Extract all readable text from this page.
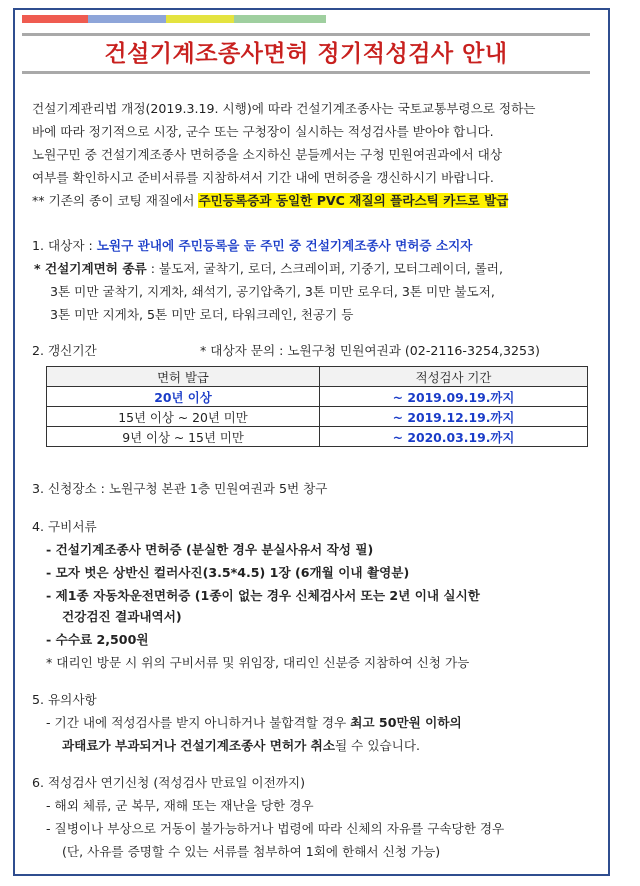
건설기계조종사면허 정기적성검사 안내
건설기계관리법 개정(2019.3.19. 시행)에 따라 건설기계조종사는 국토교통부령으로 정하는
바에 따라 정기적으로 시장, 군수 또는 구청장이 실시하는 적성검사를 받아야 합니다.
노원구민 중 건설기계조종사 면허증을 소지하신 분들께서는 구청 민원여권과에서 대상
여부를 확인하시고 준비서류를 지참하셔서 기간 내에 면허증을 갱신하시기 바랍니다.
** 기존의 종이 코팅 재질에서 주민등록증과 동일한 PVC 재질의 플라스틱 카드로 발급
1. 대상자 : 노원구 관내에 주민등록을 둔 주민 중 건설기계조종사 면허증 소지자
* 건설기계면허 종류 : 불도저, 굴착기, 로더, 스크레이퍼, 기중기, 모터그레이더, 롤러,
3톤 미만 굴착기, 지게차, 쇄석기, 공기압축기, 3톤 미만 로우더, 3톤 미만 불도저,
3톤 미만 지게차, 5톤 미만 로더, 타워크레인, 천공기 등
2. 갱신기간	* 대상자 문의 : 노원구청 민원여권과 (02-2116-3254,3253)
면허 발급	적성검사 기간
20년 이상	~ 2019.09.19.까지
15년 이상 ~ 20년 미만	~ 2019.12.19.까지
9년 이상 ~ 15년 미만	~ 2020.03.19.까지
3. 신청장소 : 노원구청 본관 1층 민원여권과 5번 창구
4. 구비서류
- 건설기계조종사 면허증 (분실한 경우 분실사유서 작성 필)
- 모자 벗은 상반신 컬러사진(3.5*4.5) 1장 (6개월 이내 촬영분)
- 제1종 자동차운전면허증 (1종이 없는 경우 신체검사서 또는 2년 이내 실시한
건강검진 결과내역서)
- 수수료 2,500원
* 대리인 방문 시 위의 구비서류 및 위임장, 대리인 신분증 지참하여 신청 가능
5. 유의사항
- 기간 내에 적성검사를 받지 아니하거나 불합격할 경우 최고 50만원 이하의
과태료가 부과되거나 건설기계조종사 면허가 취소될 수 있습니다.
6. 적성검사 연기신청 (적성검사 만료일 이전까지)
- 해외 체류, 군 복무, 재해 또는 재난을 당한 경우
- 질병이나 부상으로 거동이 불가능하거나 법령에 따라 신체의 자유를 구속당한 경우
(단, 사유를 증명할 수 있는 서류를 첨부하여 1회에 한해서 신청 가능)
